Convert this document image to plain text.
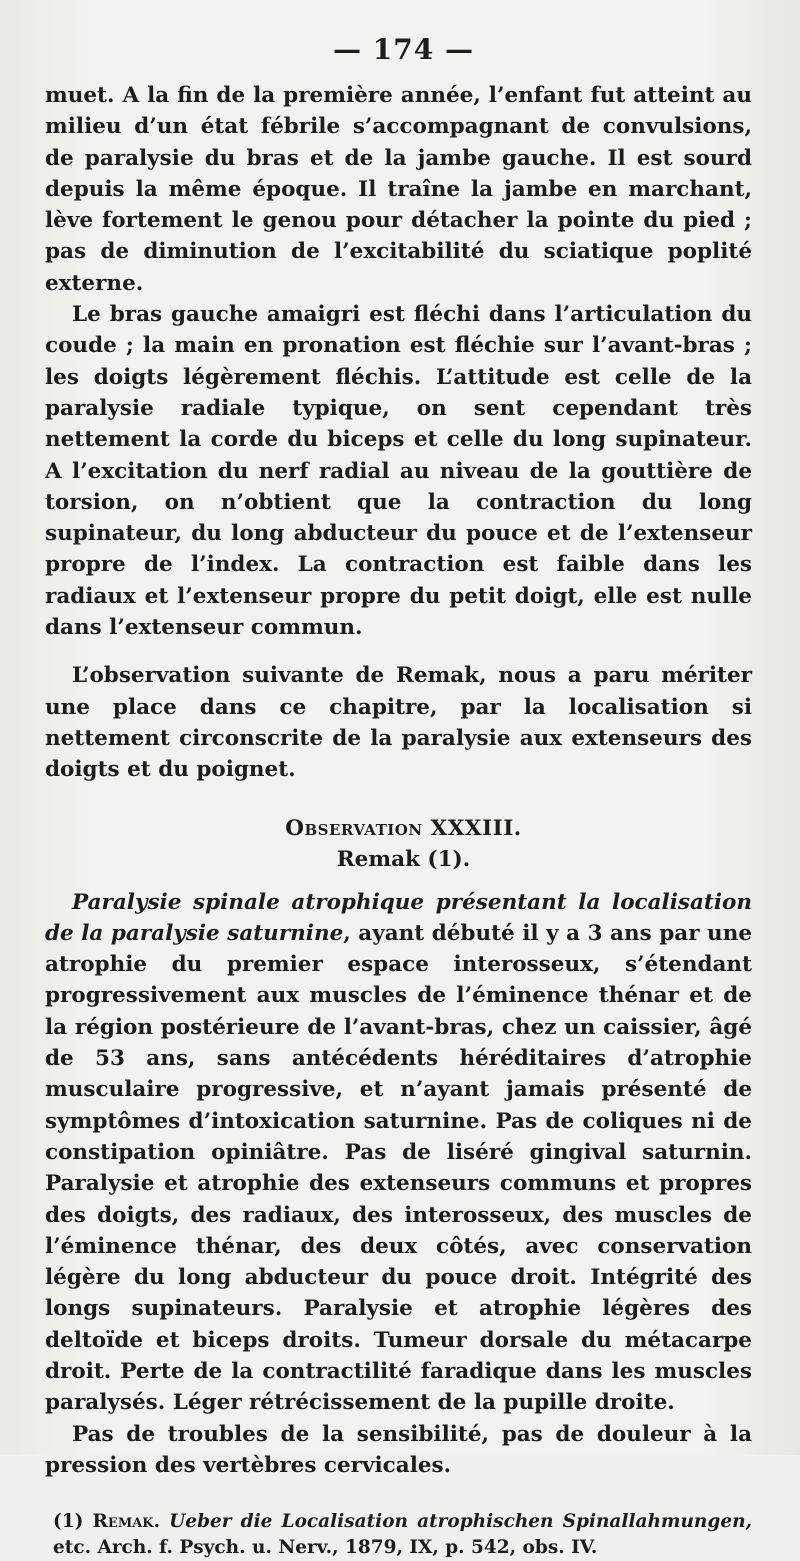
— 174 —

muet. A la fin de la première année, l’enfant fut atteint au milieu d’un état fébrile s’accompagnant de convulsions, de paralysie du bras et de la jambe gauche. Il est sourd depuis la même époque. Il traîne la jambe en marchant, lève fortement le genou pour détacher la pointe du pied ; pas de diminution de l’excitabilité du sciatique poplité externe.

Le bras gauche amaigri est fléchi dans l’articulation du coude ; la main en pronation est fléchie sur l’avant-bras ; les doigts légèrement fléchis. L’attitude est celle de la paralysie radiale typique, on sent cependant très nettement la corde du biceps et celle du long supinateur. A l’excitation du nerf radial au niveau de la gouttière de torsion, on n’obtient que la contraction du long supinateur, du long abducteur du pouce et de l’extenseur propre de l’index. La contraction est faible dans les radiaux et l’extenseur propre du petit doigt, elle est nulle dans l’extenseur commun.

L’observation suivante de Remak, nous a paru mériter une place dans ce chapitre, par la localisation si nettement circonscrite de la paralysie aux extenseurs des doigts et du poignet.

Observation XXXIII.
Remak (1).

Paralysie spinale atrophique présentant la localisation de la paralysie saturnine, ayant débuté il y a 3 ans par une atrophie du premier espace interosseux, s’étendant progressivement aux muscles de l’éminence thénar et de la région postérieure de l’avant-bras, chez un caissier, âgé de 53 ans, sans antécédents héréditaires d’atrophie musculaire progressive, et n’ayant jamais présenté de symptômes d’intoxication saturnine. Pas de coliques ni de constipation opiniâtre. Pas de liséré gingival saturnin. Paralysie et atrophie des extenseurs communs et propres des doigts, des radiaux, des interosseux, des muscles de l’éminence thénar, des deux côtés, avec conservation légère du long abducteur du pouce droit. Intégrité des longs supinateurs. Paralysie et atrophie légères des deltoïde et biceps droits. Tumeur dorsale du métacarpe droit. Perte de la contractilité faradique dans les muscles paralysés. Léger rétrécissement de la pupille droite.

Pas de troubles de la sensibilité, pas de douleur à la pression des vertèbres cervicales.

(1) Remak. Ueber die Localisation atrophischen Spinallahmungen, etc. Arch. f. Psych. u. Nerv., 1879, IX, p. 542, obs. IV.
